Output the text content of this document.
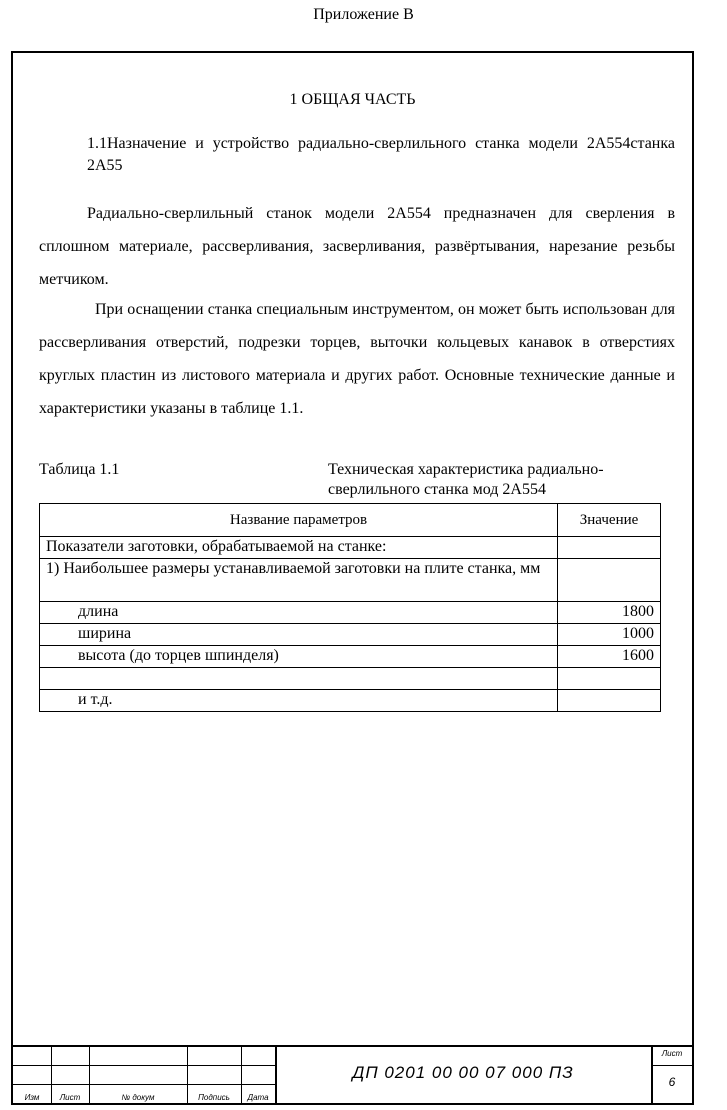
Приложение В
1 ОБЩАЯ ЧАСТЬ
1.1Назначение и устройство радиально-сверлильного станка модели 2А554станка 2А55
Радиально-сверлильный станок модели 2А554 предназначен для сверления в сплошном материале, рассверливания, засверливания, развёртывания, нарезание резьбы метчиком.
При оснащении станка специальным инструментом, он может быть использован для рассверливания отверстий, подрезки торцев, выточки кольцевых канавок в отверстиях круглых пластин из листового материала и других работ. Основные технические данные и характеристики указаны в таблице 1.1.
Таблица 1.1	Техническая характеристика радиально-сверлильного станка мод 2А554
Название параметров	Значение
Показатели заготовки, обрабатываемой на станке:	
1) Наибольшее размеры устанавливаемой заготовки на плите станка, мм	
длина	1800
ширина	1000
высота (до торцев шпинделя)	1600

и т.д.	
Изм	Лист	№ докум	Подпись	Дата
ДП 0201 00 00 07 000 ПЗ
Лист
6
